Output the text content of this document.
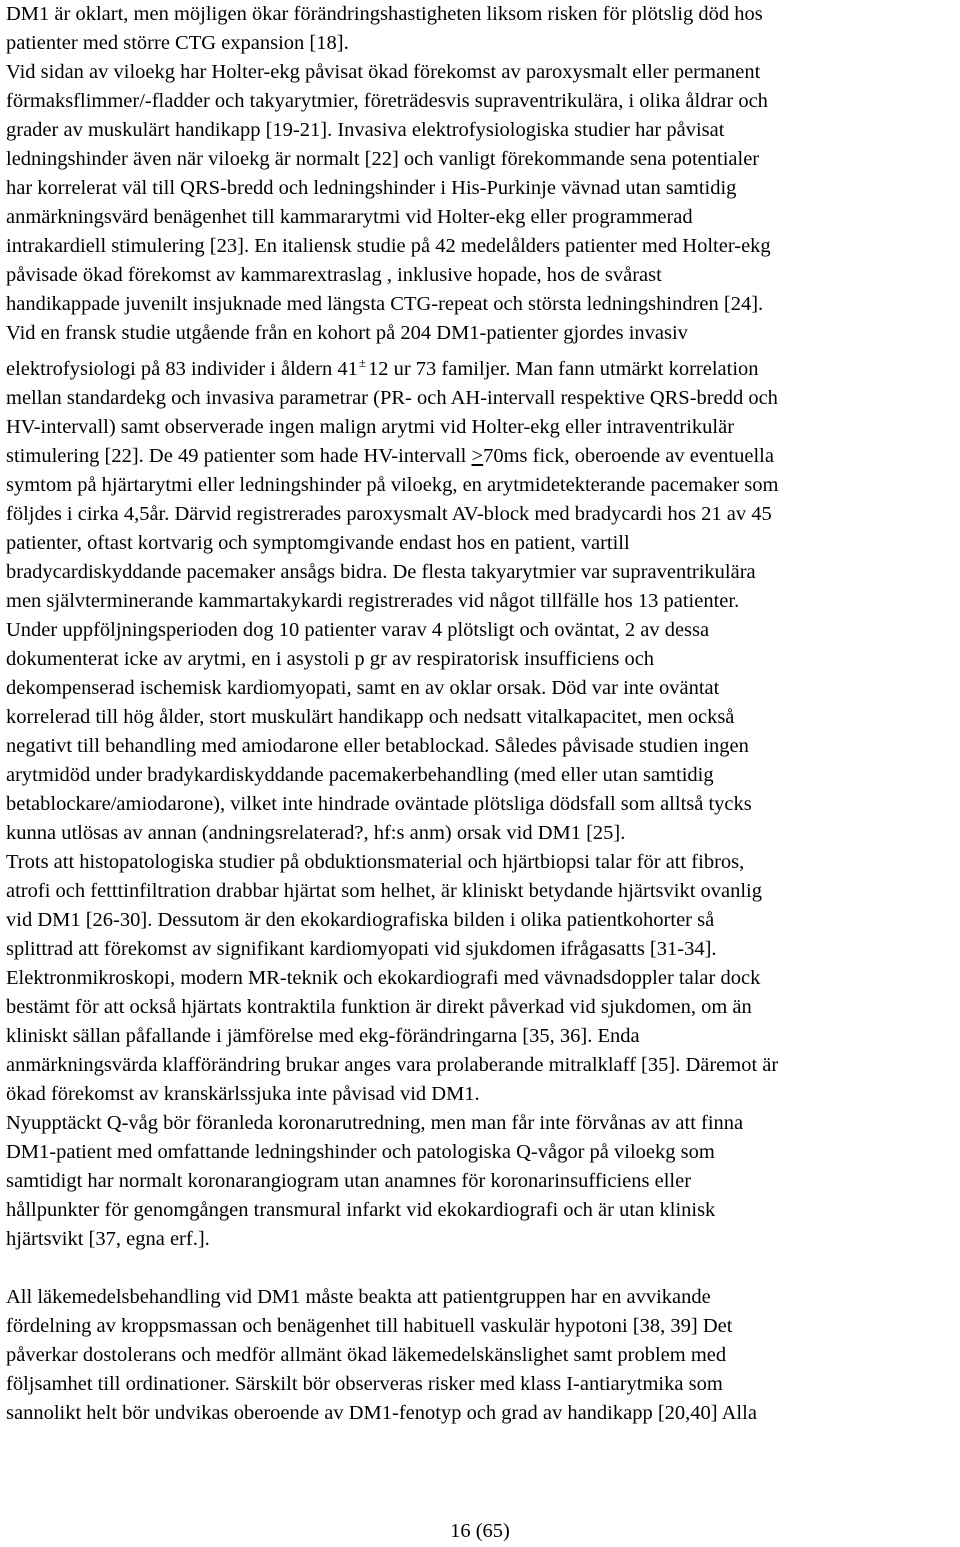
DM1 är oklart, men möjligen ökar förändringshastigheten liksom risken för plötslig död hos

patienter med större CTG expansion [18].

Vid sidan av viloekg har Holter-ekg påvisat ökad förekomst av paroxysmalt eller permanent

förmaksflimmer/-fladder och takyarytmier, företrädesvis supraventrikulära, i olika åldrar och

grader av muskulärt handikapp [19-21]. Invasiva elektrofysiologiska studier har påvisat

ledningshinder även när viloekg är normalt [22] och vanligt förekommande sena potentialer

har korrelerat väl till QRS-bredd och ledningshinder i His-Purkinje vävnad utan samtidig

anmärkningsvärd benägenhet till kammararytmi vid Holter-ekg eller programmerad

intrakardiell stimulering [23]. En italiensk studie på 42 medelålders patienter med Holter-ekg

påvisade ökad förekomst av kammarextraslag , inklusive hopade, hos de svårast

handikappade juvenilt insjuknade med längsta CTG-repeat och största ledningshindren [24].

Vid en fransk studie utgående från en kohort på 204 DM1-patienter gjordes invasiv

elektrofysiologi på 83 individer i åldern 41±12 ur 73 familjer. Man fann utmärkt korrelation

mellan standardekg och invasiva parametrar (PR- och AH-intervall respektive QRS-bredd och

HV-intervall) samt observerade ingen malign arytmi vid Holter-ekg eller intraventrikulär

stimulering [22]. De 49 patienter som hade HV-intervall ≥70ms fick, oberoende av eventuella

symtom på hjärtarytmi eller ledningshinder på viloekg, en arytmidetekterande pacemaker som

följdes i cirka 4,5år. Därvid registrerades paroxysmalt AV-block med bradycardi hos 21 av 45

patienter, oftast kortvarig och symptomgivande endast hos en patient, vartill

bradycardiskyddande pacemaker ansågs bidra. De flesta takyarytmier var supraventrikulära

men självterminerande kammartakykardi registrerades vid något tillfälle hos 13 patienter.

Under uppföljningsperioden dog 10 patienter varav 4 plötsligt och oväntat, 2 av dessa

dokumenterat icke av arytmi, en i asystoli p gr av respiratorisk insufficiens och

dekompenserad ischemisk kardiomyopati, samt en av oklar orsak. Död var inte oväntat

korrelerad till hög ålder, stort muskulärt handikapp och nedsatt vitalkapacitet, men också

negativt till behandling med amiodarone eller betablockad. Således påvisade studien ingen

arytmidöd under bradykardiskyddande pacemakerbehandling (med eller utan samtidig

betablockare/amiodarone), vilket inte hindrade oväntade plötsliga dödsfall som alltså tycks

kunna utlösas av annan (andningsrelaterad?, hf:s anm) orsak vid DM1 [25].

Trots att histopatologiska studier på obduktionsmaterial och hjärtbiopsi talar för att fibros,

atrofi och fetttinfiltration drabbar hjärtat som helhet, är kliniskt betydande hjärtsvikt ovanlig

vid DM1 [26-30]. Dessutom är den ekokardiografiska bilden i olika patientkohorter så

splittrad att förekomst av signifikant kardiomyopati vid sjukdomen ifrågasatts [31-34].

Elektronmikroskopi, modern MR-teknik och ekokardiografi med vävnadsdoppler talar dock

bestämt för att också hjärtats kontraktila funktion är direkt påverkad vid sjukdomen, om än

kliniskt sällan påfallande i jämförelse med ekg-förändringarna [35, 36]. Enda

anmärkningsvärda klafförändring brukar anges vara prolaberande mitralklaff [35]. Däremot är

ökad förekomst av kranskärlssjuka inte påvisad vid DM1.

Nyupptäckt Q-våg bör föranleda koronarutredning, men man får inte förvånas av att finna

DM1-patient med omfattande ledningshinder och patologiska Q-vågor på viloekg som

samtidigt har normalt koronarangiogram utan anamnes för koronarinsufficiens eller

hållpunkter för genomgången transmural infarkt vid ekokardiografi och är utan klinisk

hjärtsvikt [37, egna erf.].

All läkemedelsbehandling vid DM1 måste beakta att patientgruppen har en avvikande

fördelning av kroppsmassan och benägenhet till habituell vaskulär hypotoni [38, 39] Det

påverkar dostolerans och medför allmänt ökad läkemedelskänslighet samt problem med

följsamhet till ordinationer. Särskilt bör observeras risker med klass I-antiarytmika som

sannolikt helt bör undvikas oberoende av DM1-fenotyp och grad av handikapp [20,40] Alla

16 (65)
